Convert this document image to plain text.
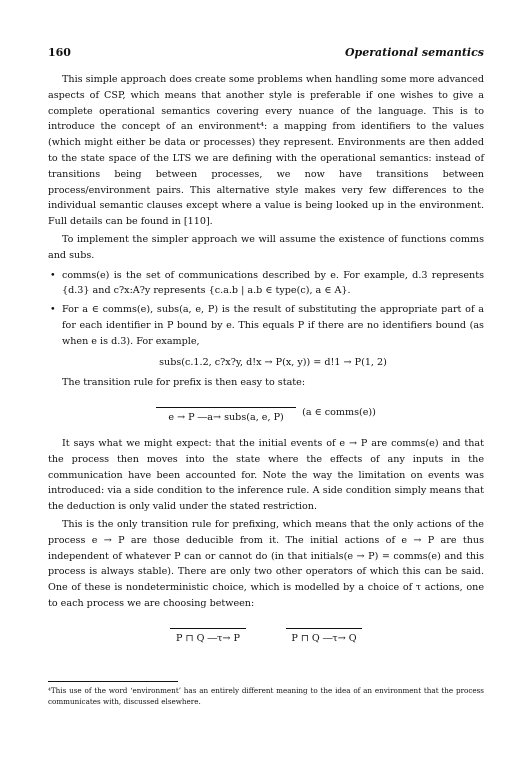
160	Operational semantics

This simple approach does create some problems when handling some more advanced aspects of CSP, which means that another style is preferable if one wishes to give a complete operational semantics covering every nuance of the language. This is to introduce the concept of an environment⁴: a mapping from identifiers to the values (which might either be data or processes) they represent. Environments are then added to the state space of the LTS we are defining with the operational semantics: instead of transitions being between processes, we now have transitions between process/environment pairs. This alternative style makes very few differences to the individual semantic clauses except where a value is being looked up in the environment. Full details can be found in [110].

To implement the simpler approach we will assume the existence of functions comms and subs.

• comms(e) is the set of communications described by e. For example, d.3 represents {d.3} and c?x:A?y represents {c.a.b | a.b ∈ type(c), a ∈ A}.
• For a ∈ comms(e), subs(a, e, P) is the result of substituting the appropriate part of a for each identifier in P bound by e. This equals P if there are no identifiers bound (as when e is d.3). For example,
subs(c.1.2, c?x?y, d!x → P(x, y)) = d!1 → P(1, 2)

The transition rule for prefix is then easy to state:

e → P ―a→ subs(a, e, P) (a ∈ comms(e))

It says what we might expect: that the initial events of e → P are comms(e) and that the process then moves into the state where the effects of any inputs in the communication have been accounted for. Note the way the limitation on events was introduced: via a side condition to the inference rule. A side condition simply means that the deduction is only valid under the stated restriction.

This is the only transition rule for prefixing, which means that the only actions of the process e → P are those deducible from it. The initial actions of e → P are thus independent of whatever P can or cannot do (in that initials(e → P) = comms(e) and this process is always stable). There are only two other operators of which this can be said. One of these is nondeterministic choice, which is modelled by a choice of τ actions, one to each process we are choosing between:

P ⊓ Q ―τ→ P	P ⊓ Q ―τ→ Q
⁴This use of the word ‘environment’ has an entirely different meaning to the idea of an environment that the process communicates with, discussed elsewhere.
